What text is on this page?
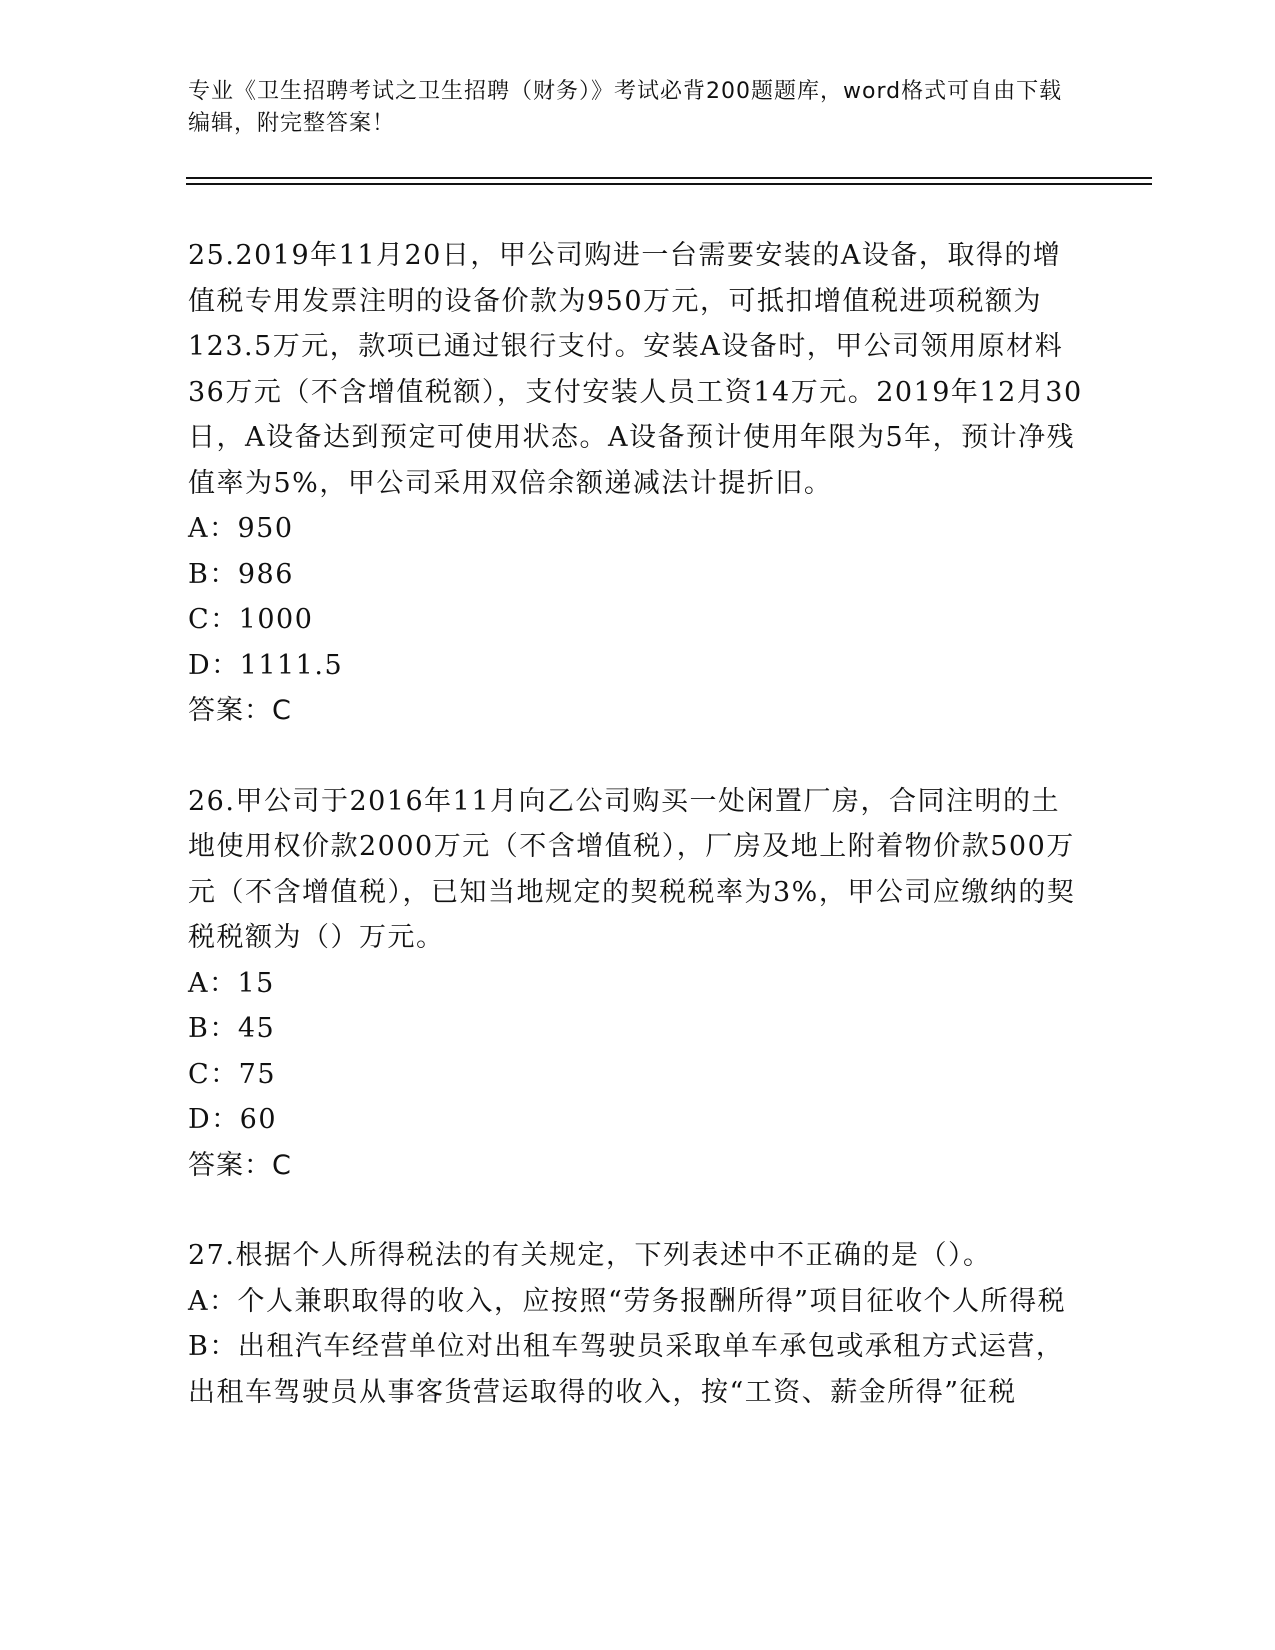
专业《卫生招聘考试之卫生招聘（财务）》考试必背200题题库，word格式可自由下载编辑，附完整答案！

25.2019年11月20日，甲公司购进一台需要安装的A设备，取得的增值税专用发票注明的设备价款为950万元，可抵扣增值税进项税额为123.5万元，款项已通过银行支付。安装A设备时，甲公司领用原材料36万元（不含增值税额），支付安装人员工资14万元。2019年12月30日，A设备达到预定可使用状态。A设备预计使用年限为5年，预计净残值率为5%，甲公司采用双倍余额递减法计提折旧。

A：950

B：986

C：1000

D：1111.5

答案：C

26.甲公司于2016年11月向乙公司购买一处闲置厂房，合同注明的土地使用权价款2000万元（不含增值税），厂房及地上附着物价款500万元（不含增值税），已知当地规定的契税税率为3%，甲公司应缴纳的契税税额为（）万元。

A：15

B：45

C：75

D：60

答案：C

27.根据个人所得税法的有关规定，下列表述中不正确的是（）。

A：个人兼职取得的收入，应按照“劳务报酬所得”项目征收个人所得税

B：出租汽车经营单位对出租车驾驶员采取单车承包或承租方式运营，出租车驾驶员从事客货营运取得的收入，按“工资、薪金所得”征税
